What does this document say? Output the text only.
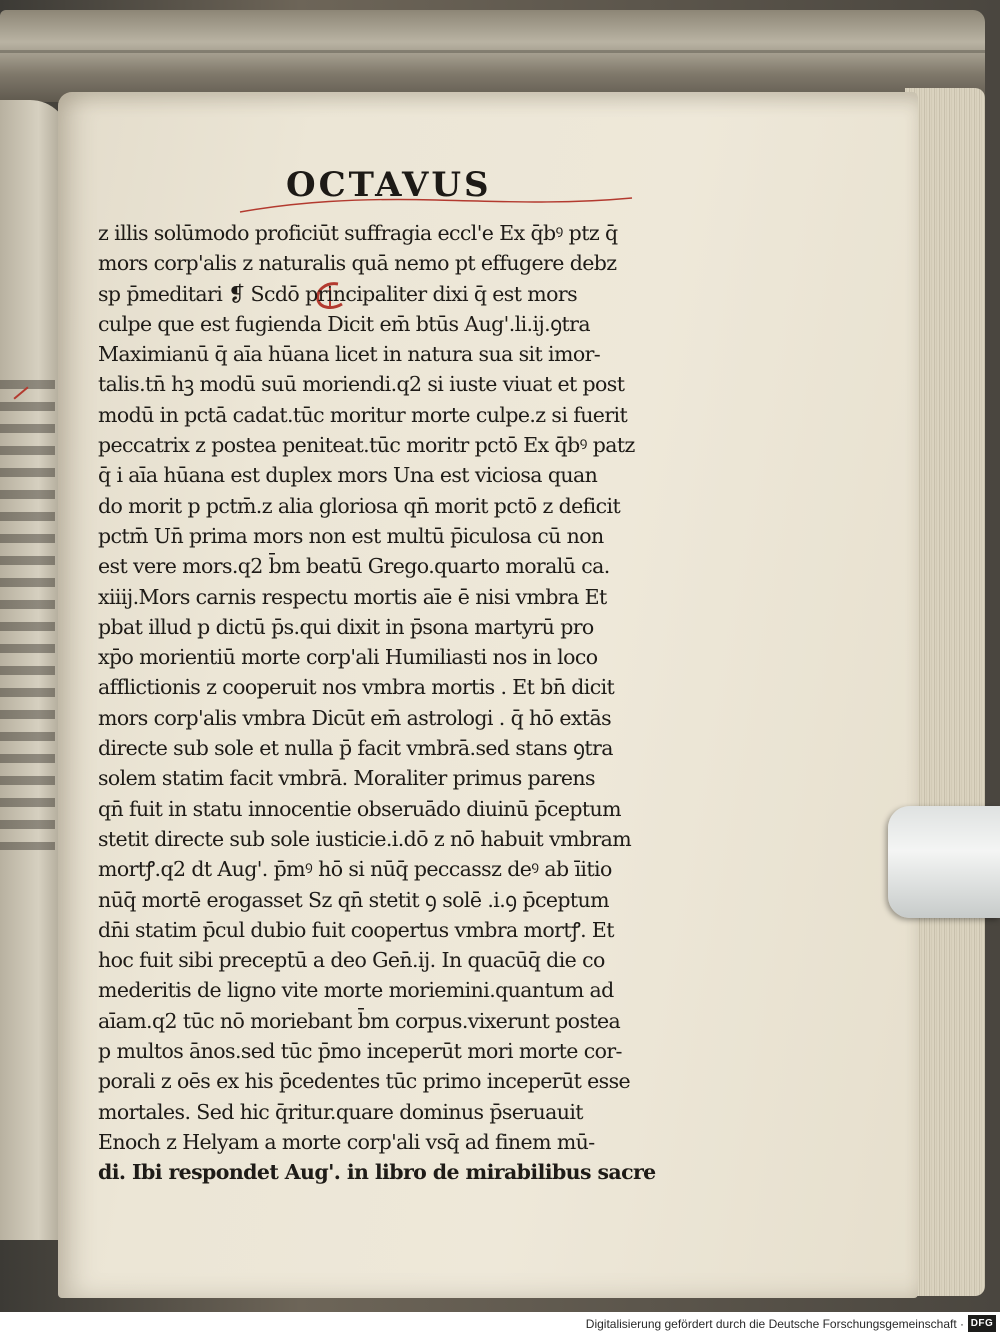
OCTAVUS
z illis solūmodo proficiūt suffragia eccl'e Ex q̄bꝰ ptz q̄
mors corp'alis z naturalis quā nemo pt effugere debz
sp p̄meditari ❡ Scdō principaliter dixi q̄ est mors
culpe que est fugienda Dicit em̄ btūs Aug'.li.ij.ꝯtra
Maximianū q̄ aīa hūana licet in natura sua sit imor-
talis.tn̄ hꝫ modū suū moriendi.q2 si iuste viuat et post
modū in pctā cadat.tūc moritur morte culpe.z si fuerit
peccatrix z postea peniteat.tūc moritr pctō Ex q̄bꝰ patz
q̄ i aīa hūana est duplex mors Una est viciosa quan
do morit p pctm̄.z alia gloriosa qn̄ morit pctō z deficit
pctm̄ Un̄ prima mors non est multū p̄iculosa cū non
est vere mors.q2 b̄m beatū Grego.quarto moralū ca.
xiiij.Mors carnis respectu mortis aīe ē nisi vmbra Et
pbat illud p dictū p̄s.qui dixit in p̄sona martyrū pro
xp̄o morientiū morte corp'ali Humiliasti nos in loco
afflictionis z cooperuit nos vmbra mortis . Et bn̄ dicit
mors corp'alis vmbra Dicūt em̄ astrologi . q̄ hō extās
directe sub sole et nulla p̄ facit vmbrā.sed stans ꝯtra
solem statim facit vmbrā. Moraliter primus parens
qn̄ fuit in statu innocentie obseruādo diuinū p̄ceptum
stetit directe sub sole iusticie.i.dō z nō habuit vmbram
mortꝭ.q2 dt Aug'. p̄mꝰ hō si nūq̄ peccassz deꝰ ab īitio
nūq̄ mortē erogasset Sz qn̄ stetit ꝯ solē .i.ꝯ p̄ceptum
dn̄i statim p̄cul dubio fuit coopertus vmbra mortꝭ. Et
hoc fuit sibi preceptū a deo Gen̄.ij. In quacūq̄ die co
mederitis de ligno vite morte moriemini.quantum ad
aīam.q2 tūc nō moriebant b̄m corpus.vixerunt postea
p multos ānos.sed tūc p̄mo inceperūt mori morte cor-
porali z oēs ex his p̄cedentes tūc primo inceperūt esse
mortales. Sed hic q̄ritur.quare dominus p̄seruauit
Enoch z Helyam a morte corp'ali vsq̄ ad finem mū-
di. Ibi respondet Aug'. in libro de mirabilibus sacre
Digitalisierung gefördert durch die Deutsche Forschungsgemeinschaft · DFG
